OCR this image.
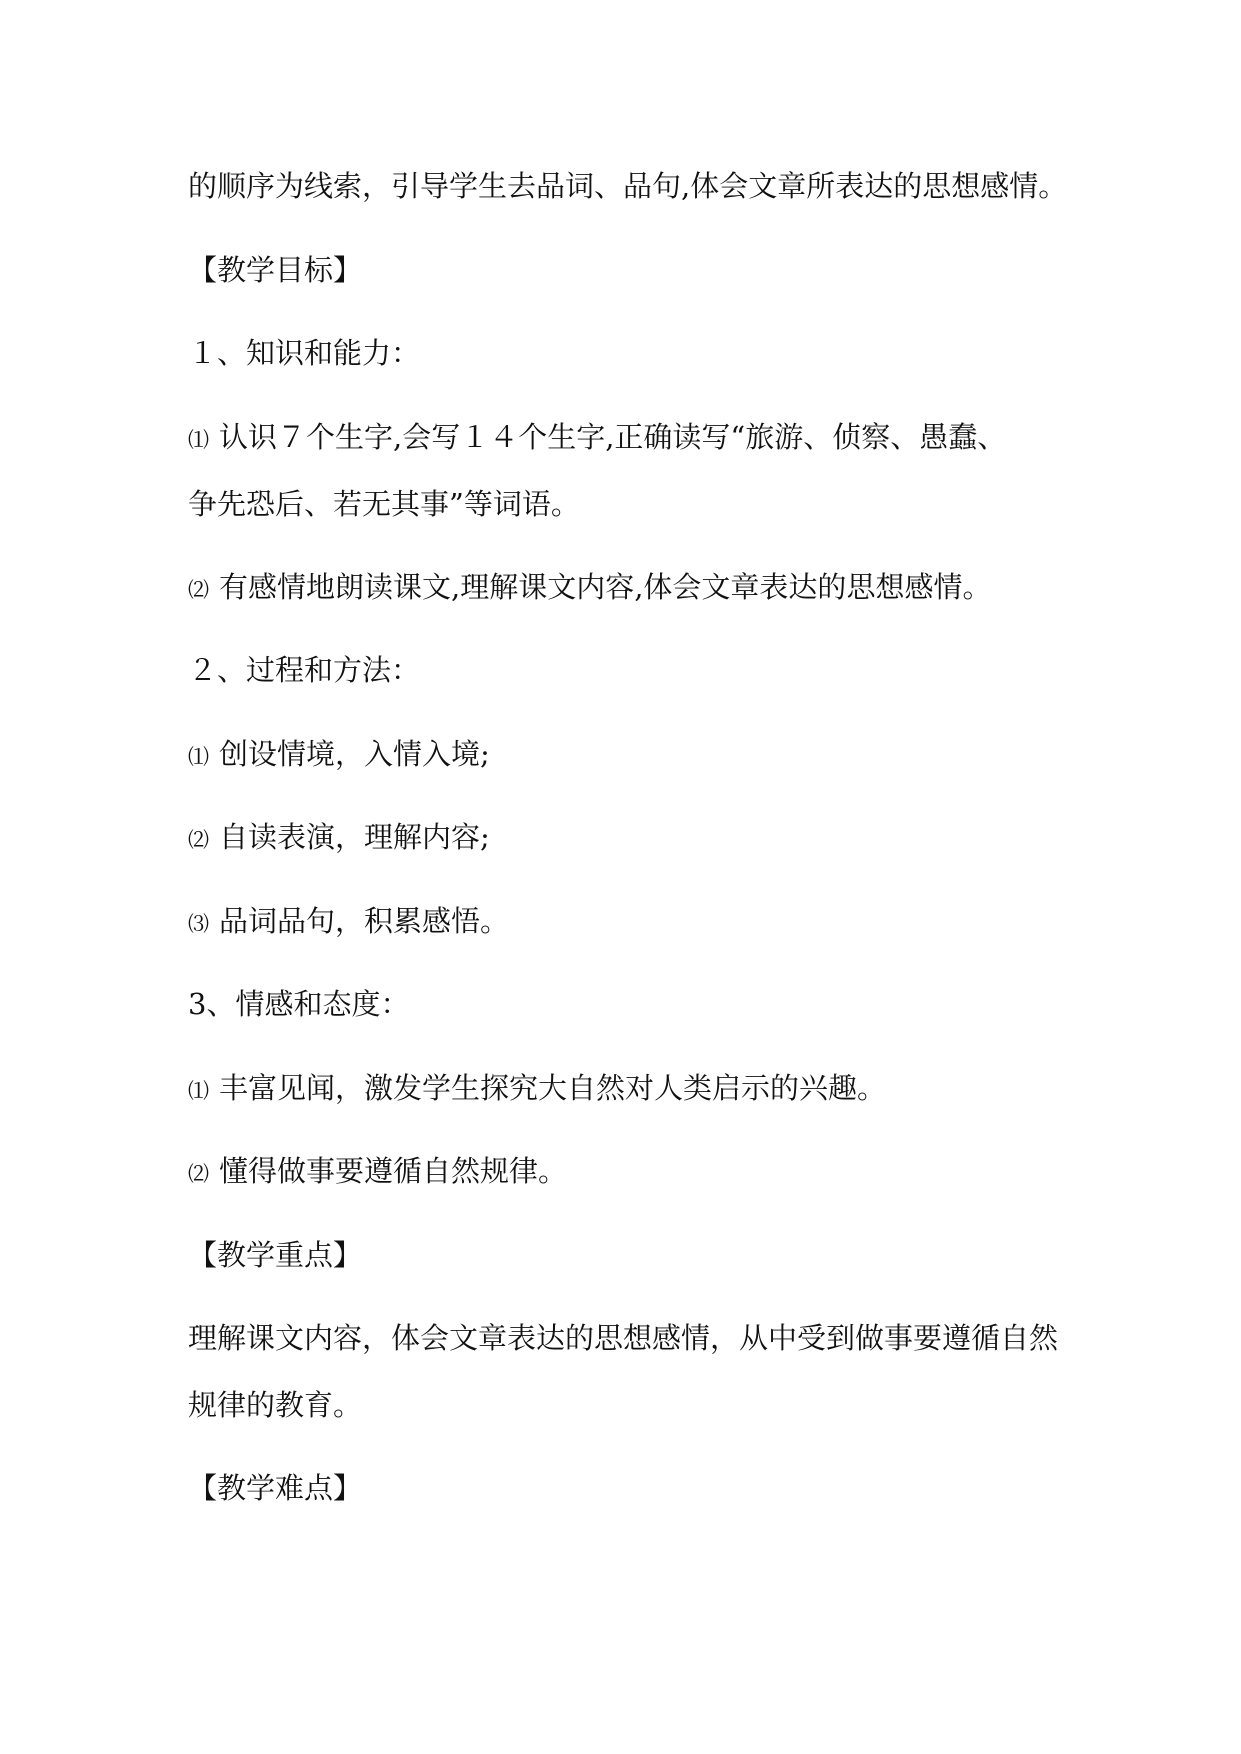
的顺序为线索，引导学生去品词、品句,体会文章所表达的思想感情。
【教学目标】
１、知识和能力：
⑴ 认识７个生字,会写１４个生字,正确读写“旅游、侦察、愚蠢、
争先恐后、若无其事”等词语。
⑵ 有感情地朗读课文,理解课文内容,体会文章表达的思想感情。
２、过程和方法：
⑴ 创设情境，入情入境;
⑵ 自读表演，理解内容;
⑶ 品词品句，积累感悟。
3、情感和态度：
⑴ 丰富见闻，激发学生探究大自然对人类启示的兴趣。
⑵ 懂得做事要遵循自然规律。
【教学重点】
理解课文内容，体会文章表达的思想感情，从中受到做事要遵循自然
规律的教育。
【教学难点】
